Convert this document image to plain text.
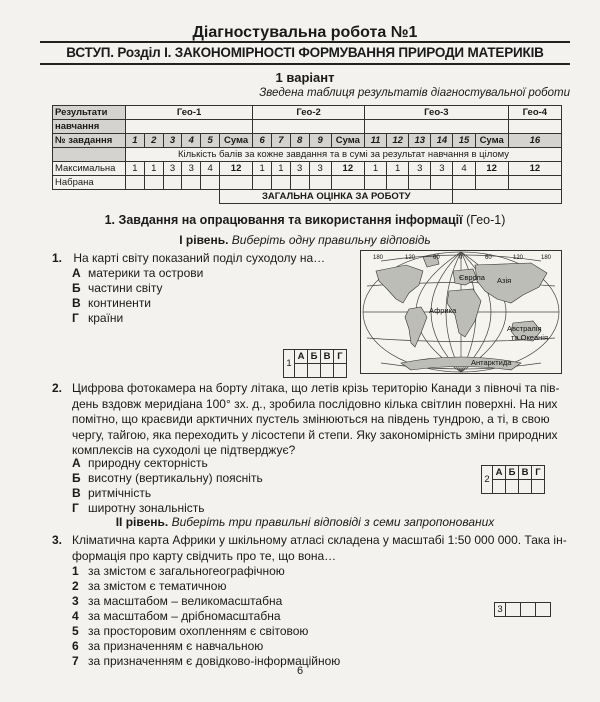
Діагностувальна робота №1
ВСТУП. Розділ І. ЗАКОНОМІРНОСТІ ФОРМУВАННЯ ПРИРОДИ МАТЕРИКІВ
1 варіант
Зведена таблиця результатів діагностувальної роботи
Результати	Гео-1						Гео-2					Гео-3						Гео-4
навчання																		
№ завдання	1	2	3	4	5	Сума	6	7	8	9	Сума	11	12	13	14	15	Сума	16
	Кількість балів за кожне завдання та в сумі за результат навчання в цілому																	
Максимальна	1	1	3	3	4	12	1	1	3	3	12	1	1	3	3	4	12	12
Набрана																		
						ЗАГАЛЬНА ОЦІНКА ЗА РОБОТУ												
1. Завдання на опрацювання та використання інформації (Гео-1)
І рівень. Виберіть одну правильну відповідь
1. На карті світу показаний поділ суходолу на…
А материки та острови
Б частини світу
В континенти
Г країни
Європа Азія
Африка
Австралія
та Океанія
Антарктида
180	120	60	0	60	120	180
1	А	Б	В	Г

2. Цифрова фотокамера на борту літака, що летів крізь територію Канади з півночі та пів-
день вздовж меридіана 100° зх. д., зробила послідовно кілька світлин поверхні. На них
помітно, що краєвиди арктичних пустель змінюються на південь тундрою, а ті, в свою
чергу, тайгою, яка переходить у лісостепи й степи. Яку закономірність зміни природних
комплексів на суходолі це підтверджує?
А природну секторність
Б висотну (вертикальну) поясніть
В ритмічність
Г широтну зональність
2	А	Б	В	Г

ІІ рівень. Виберіть три правильні відповіді з семи запропонованих
3. Кліматична карта Африки у шкільному атласі складена у масштабі 1:50 000 000. Така ін-
формація про карту свідчить про те, що вона…
1 за змістом є загальногеографічною
2 за змістом є тематичною
3 за масштабом – великомасштабна
4 за масштабом – дрібномасштабна
5 за просторовим охопленням є світовою
6 за призначенням є навчальною
7 за призначенням є довідково-інформаційною
3			
6
